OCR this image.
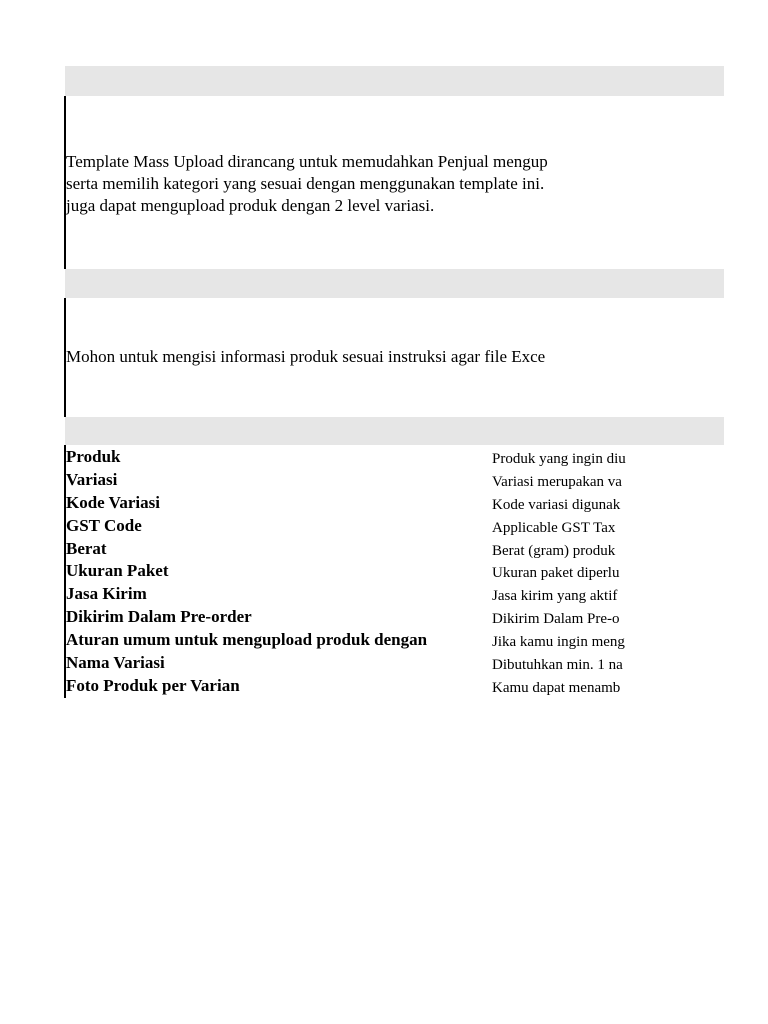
Template Mass Upload dirancang untuk memudahkan Penjual mengup
serta memilih kategori yang sesuai dengan menggunakan template ini.
juga dapat mengupload produk dengan 2 level variasi.
Mohon untuk mengisi informasi produk sesuai instruksi agar file Exce
Produk	Produk yang ingin diu
Variasi	Variasi merupakan va
Kode Variasi	Kode variasi digunak
GST Code	Applicable GST Tax
Berat	Berat (gram) produk
Ukuran Paket	Ukuran paket diperlu
Jasa Kirim	Jasa kirim yang aktif
Dikirim Dalam Pre-order	Dikirim Dalam Pre-o
Aturan umum untuk mengupload produk dengan	Jika kamu ingin meng
Nama Variasi	Dibutuhkan min. 1 na
Foto Produk per Varian	Kamu dapat menamb
